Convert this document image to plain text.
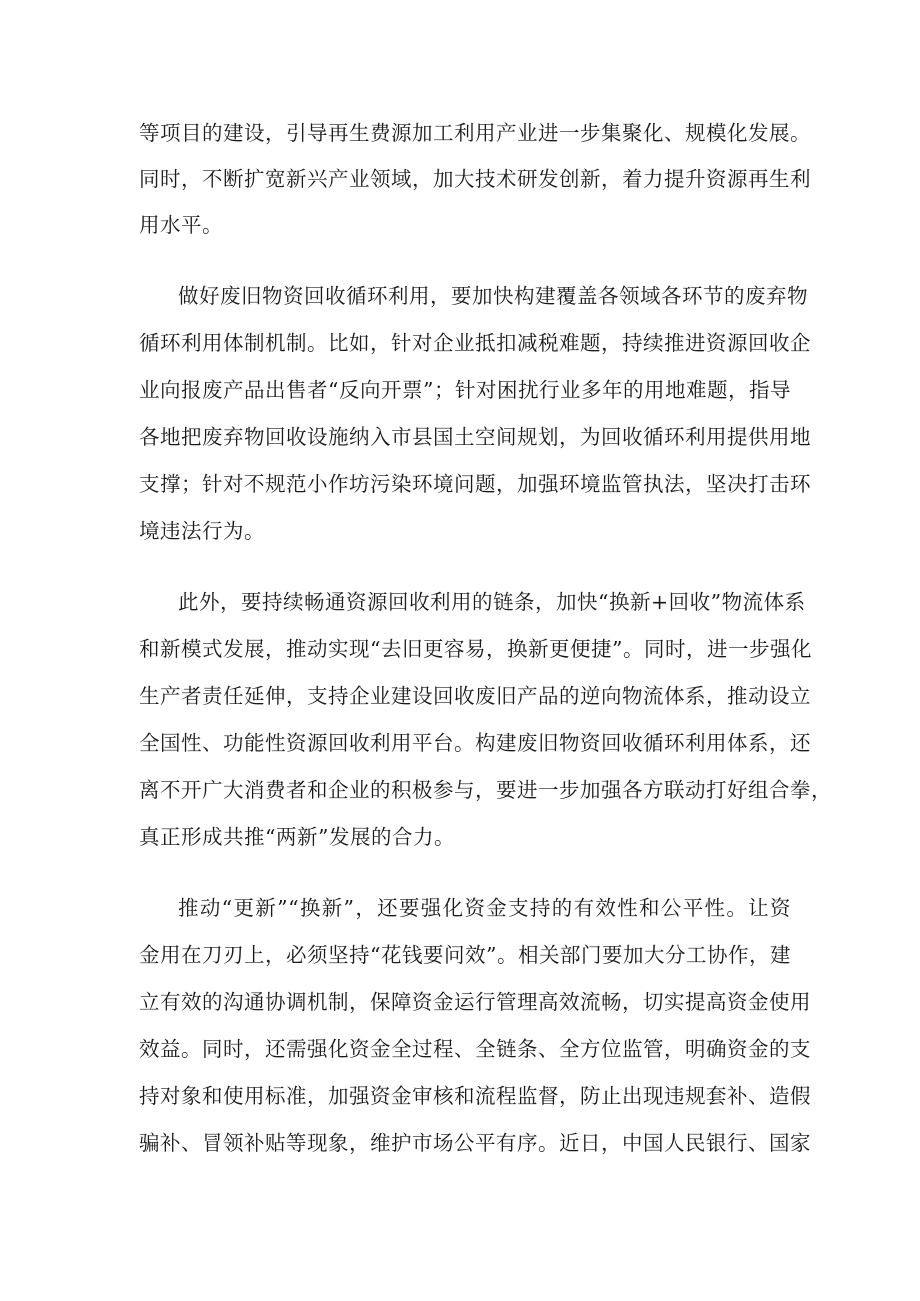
等项目的建设，引导再生费源加工利用产业进一步集聚化、规模化发展。
同时，不断扩宽新兴产业领域，加大技术研发创新，着力提升资源再生利
用水平。
做好废旧物资回收循环利用，要加快构建覆盖各领域各环节的废弃物
循环利用体制机制。比如，针对企业抵扣减税难题，持续推进资源回收企
业向报废产品出售者“反向开票”；针对困扰行业多年的用地难题，指导
各地把废弃物回收设施纳入市县国土空间规划，为回收循环利用提供用地
支撑；针对不规范小作坊污染环境问题，加强环境监管执法，坚决打击环
境违法行为。
此外，要持续畅通资源回收利用的链条，加快“换新+回收”物流体系
和新模式发展，推动实现“去旧更容易，换新更便捷”。同时，进一步强化
生产者责任延伸，支持企业建设回收废旧产品的逆向物流体系，推动设立
全国性、功能性资源回收利用平台。构建废旧物资回收循环利用体系，还
离不开广大消费者和企业的积极参与，要进一步加强各方联动打好组合拳，
真正形成共推“两新”发展的合力。
推动“更新”“换新”，还要强化资金支持的有效性和公平性。让资
金用在刀刃上，必须坚持“花钱要问效”。相关部门要加大分工协作，建
立有效的沟通协调机制，保障资金运行管理高效流畅，切实提高资金使用
效益。同时，还需强化资金全过程、全链条、全方位监管，明确资金的支
持对象和使用标准，加强资金审核和流程监督，防止出现违规套补、造假
骗补、冒领补贴等现象，维护市场公平有序。近日，中国人民银行、国家
